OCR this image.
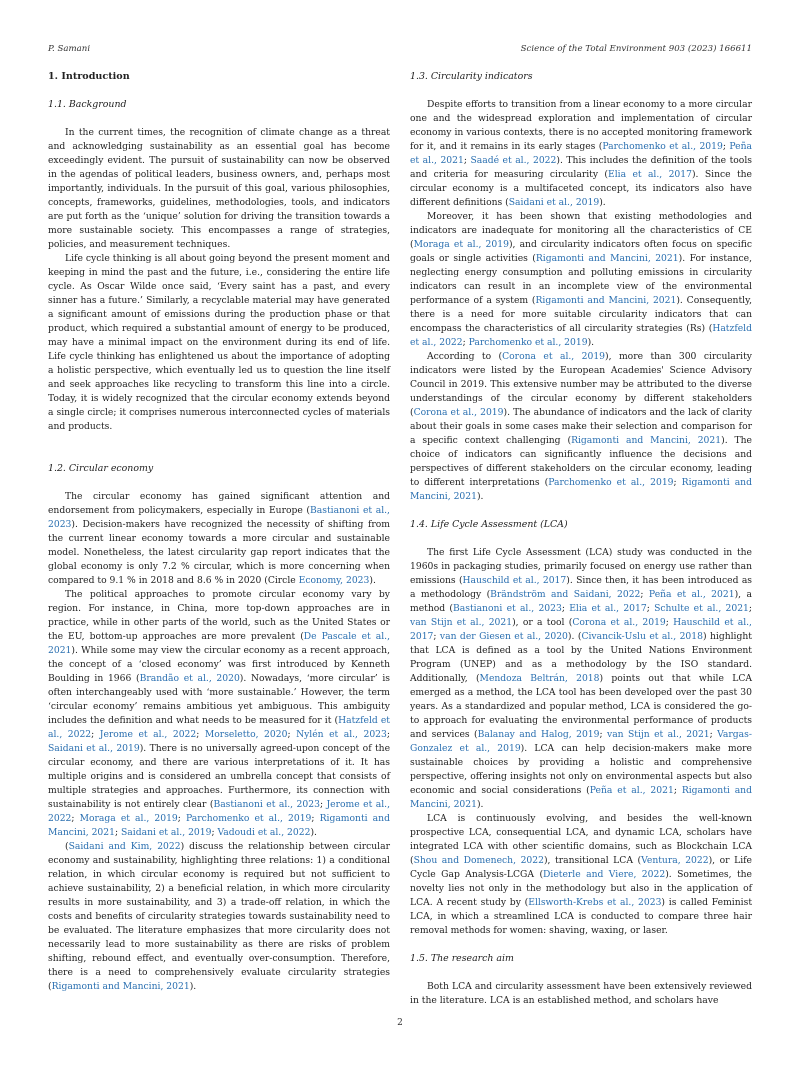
P. Samani	Science of the Total Environment 903 (2023) 166611
1. Introduction
1.1. Background

In the current times, the recognition of climate change as a threat and acknowledging sustainability as an essential goal has become exceedingly evident. The pursuit of sustainability can now be observed in the agendas of political leaders, business owners, and, perhaps most importantly, individuals. In the pursuit of this goal, various philosophies, concepts, frameworks, guidelines, methodologies, tools, and indicators are put forth as the ‘unique’ solution for driving the transition towards a more sustainable society. This encompasses a range of strategies, policies, and measurement techniques.

Life cycle thinking is all about going beyond the present moment and keeping in mind the past and the future, i.e., considering the entire life cycle. As Oscar Wilde once said, ‘Every saint has a past, and every sinner has a future.’ Similarly, a recyclable material may have generated a significant amount of emissions during the production phase or that product, which required a substantial amount of energy to be produced, may have a minimal impact on the environment during its end of life. Life cycle thinking has enlightened us about the importance of adopting a holistic perspective, which eventually led us to question the line itself and seek approaches like recycling to transform this line into a circle. Today, it is widely recognized that the circular economy extends beyond a single circle; it comprises numerous interconnected cycles of materials and products.

1.2. Circular economy

The circular economy has gained significant attention and endorsement from policymakers, especially in Europe (Bastianoni et al., 2023). Decision-makers have recognized the necessity of shifting from the current linear economy towards a more circular and sustainable model. Nonetheless, the latest circularity gap report indicates that the global economy is only 7.2 % circular, which is more concerning when compared to 9.1 % in 2018 and 8.6 % in 2020 (Circle Economy, 2023).

The political approaches to promote circular economy vary by region. For instance, in China, more top-down approaches are in practice, while in other parts of the world, such as the United States or the EU, bottom-up approaches are more prevalent (De Pascale et al., 2021). While some may view the circular economy as a recent approach, the concept of a ‘closed economy’ was first introduced by Kenneth Boulding in 1966 (Brandão et al., 2020). Nowadays, ‘more circular’ is often interchangeably used with ‘more sustainable.’ However, the term ‘circular economy’ remains ambitious yet ambiguous. This ambiguity includes the definition and what needs to be measured for it (Hatzfeld et al., 2022; Jerome et al., 2022; Morseletto, 2020; Nylén et al., 2023; Saidani et al., 2019). There is no universally agreed-upon concept of the circular economy, and there are various interpretations of it. It has multiple origins and is considered an umbrella concept that consists of multiple strategies and approaches. Furthermore, its connection with sustainability is not entirely clear (Bastianoni et al., 2023; Jerome et al., 2022; Moraga et al., 2019; Parchomenko et al., 2019; Rigamonti and Mancini, 2021; Saidani et al., 2019; Vadoudi et al., 2022).

(Saidani and Kim, 2022) discuss the relationship between circular economy and sustainability, highlighting three relations: 1) a conditional relation, in which circular economy is required but not sufficient to achieve sustainability, 2) a beneficial relation, in which more circularity results in more sustainability, and 3) a trade-off relation, in which the costs and benefits of circularity strategies towards sustainability need to be evaluated. The literature emphasizes that more circularity does not necessarily lead to more sustainability as there are risks of problem shifting, rebound effect, and eventually over-consumption. Therefore, there is a need to comprehensively evaluate circularity strategies (Rigamonti and Mancini, 2021).

1.3. Circularity indicators

Despite efforts to transition from a linear economy to a more circular one and the widespread exploration and implementation of circular economy in various contexts, there is no accepted monitoring framework for it, and it remains in its early stages (Parchomenko et al., 2019; Peña et al., 2021; Saadé et al., 2022). This includes the definition of the tools and criteria for measuring circularity (Elia et al., 2017). Since the circular economy is a multifaceted concept, its indicators also have different definitions (Saidani et al., 2019).

Moreover, it has been shown that existing methodologies and indicators are inadequate for monitoring all the characteristics of CE (Moraga et al., 2019), and circularity indicators often focus on specific goals or single activities (Rigamonti and Mancini, 2021). For instance, neglecting energy consumption and polluting emissions in circularity indicators can result in an incomplete view of the environmental performance of a system (Rigamonti and Mancini, 2021). Consequently, there is a need for more suitable circularity indicators that can encompass the characteristics of all circularity strategies (Rs) (Hatzfeld et al., 2022; Parchomenko et al., 2019).

According to (Corona et al., 2019), more than 300 circularity indicators were listed by the European Academies' Science Advisory Council in 2019. This extensive number may be attributed to the diverse understandings of the circular economy by different stakeholders (Corona et al., 2019). The abundance of indicators and the lack of clarity about their goals in some cases make their selection and comparison for a specific context challenging (Rigamonti and Mancini, 2021). The choice of indicators can significantly influence the decisions and perspectives of different stakeholders on the circular economy, leading to different interpretations (Parchomenko et al., 2019; Rigamonti and Mancini, 2021).

1.4. Life Cycle Assessment (LCA)

The first Life Cycle Assessment (LCA) study was conducted in the 1960s in packaging studies, primarily focused on energy use rather than emissions (Hauschild et al., 2017). Since then, it has been introduced as a methodology (Brändström and Saidani, 2022; Peña et al., 2021), a method (Bastianoni et al., 2023; Elia et al., 2017; Schulte et al., 2021; van Stijn et al., 2021), or a tool (Corona et al., 2019; Hauschild et al., 2017; van der Giesen et al., 2020). (Civancik-Uslu et al., 2018) highlight that LCA is defined as a tool by the United Nations Environment Program (UNEP) and as a methodology by the ISO standard. Additionally, (Mendoza Beltrán, 2018) points out that while LCA emerged as a method, the LCA tool has been developed over the past 30 years. As a standardized and popular method, LCA is considered the go-to approach for evaluating the environmental performance of products and services (Balanay and Halog, 2019; van Stijn et al., 2021; Vargas-Gonzalez et al., 2019). LCA can help decision-makers make more sustainable choices by providing a holistic and comprehensive perspective, offering insights not only on environmental aspects but also economic and social considerations (Peña et al., 2021; Rigamonti and Mancini, 2021).

LCA is continuously evolving, and besides the well-known prospective LCA, consequential LCA, and dynamic LCA, scholars have integrated LCA with other scientific domains, such as Blockchain LCA (Shou and Domenech, 2022), transitional LCA (Ventura, 2022), or Life Cycle Gap Analysis-LCGA (Dieterle and Viere, 2022). Sometimes, the novelty lies not only in the methodology but also in the application of LCA. A recent study by (Ellsworth-Krebs et al., 2023) is called Feminist LCA, in which a streamlined LCA is conducted to compare three hair removal methods for women: shaving, waxing, or laser.

1.5. The research aim

Both LCA and circularity assessment have been extensively reviewed in the literature. LCA is an established method, and scholars have

2
